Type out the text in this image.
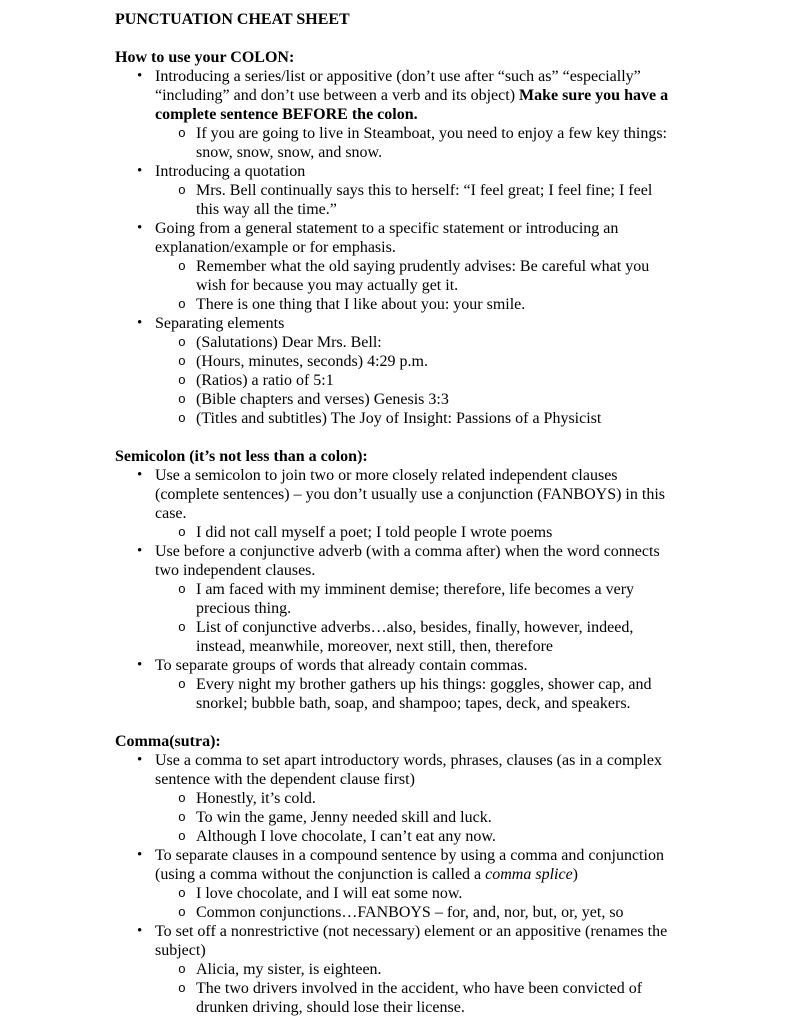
PUNCTUATION CHEAT SHEET
How to use your COLON:
• Introducing a series/list or appositive (don’t use after “such as” “especially” “including” and don’t use between a verb and its object) Make sure you have a complete sentence BEFORE the colon.
o If you are going to live in Steamboat, you need to enjoy a few key things: snow, snow, snow, and snow.
• Introducing a quotation
o Mrs. Bell continually says this to herself: “I feel great; I feel fine; I feel this way all the time.”
• Going from a general statement to a specific statement or introducing an explanation/example or for emphasis.
o Remember what the old saying prudently advises: Be careful what you wish for because you may actually get it.
o There is one thing that I like about you: your smile.
• Separating elements
o (Salutations) Dear Mrs. Bell:
o (Hours, minutes, seconds) 4:29 p.m.
o (Ratios) a ratio of 5:1
o (Bible chapters and verses) Genesis 3:3
o (Titles and subtitles) The Joy of Insight: Passions of a Physicist
Semicolon (it’s not less than a colon):
• Use a semicolon to join two or more closely related independent clauses (complete sentences) – you don’t usually use a conjunction (FANBOYS) in this case.
o I did not call myself a poet; I told people I wrote poems
• Use before a conjunctive adverb (with a comma after) when the word connects two independent clauses.
o I am faced with my imminent demise; therefore, life becomes a very precious thing.
o List of conjunctive adverbs…also, besides, finally, however, indeed, instead, meanwhile, moreover, next still, then, therefore
• To separate groups of words that already contain commas.
o Every night my brother gathers up his things: goggles, shower cap, and snorkel; bubble bath, soap, and shampoo; tapes, deck, and speakers.
Comma(sutra):
• Use a comma to set apart introductory words, phrases, clauses (as in a complex sentence with the dependent clause first)
o Honestly, it’s cold.
o To win the game, Jenny needed skill and luck.
o Although I love chocolate, I can’t eat any now.
• To separate clauses in a compound sentence by using a comma and conjunction (using a comma without the conjunction is called a comma splice)
o I love chocolate, and I will eat some now.
o Common conjunctions…FANBOYS – for, and, nor, but, or, yet, so
• To set off a nonrestrictive (not necessary) element or an appositive (renames the subject)
o Alicia, my sister, is eighteen.
o The two drivers involved in the accident, who have been convicted of drunken driving, should lose their license.
